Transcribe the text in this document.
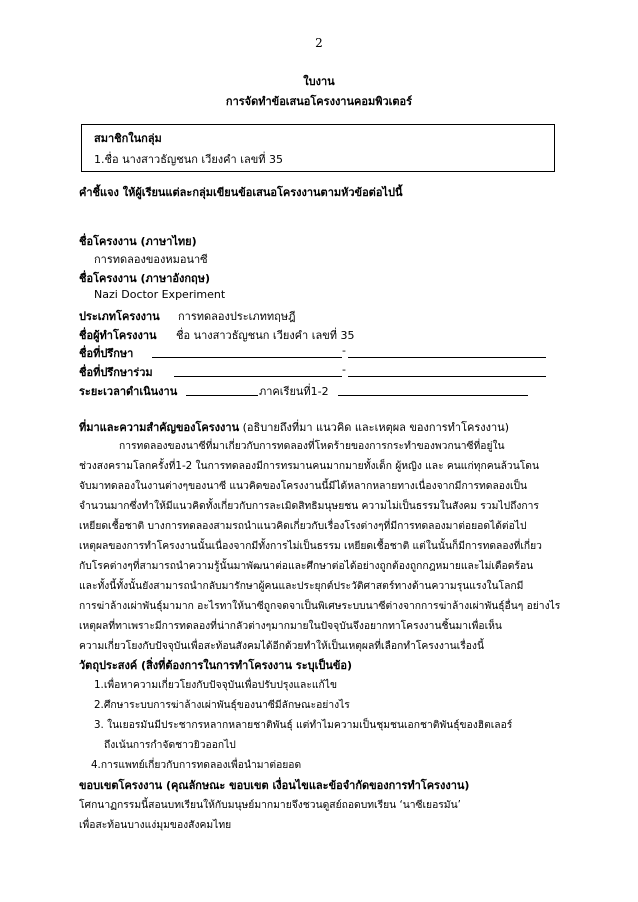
2
ใบงาน
การจัดทำข้อเสนอโครงงานคอมพิวเตอร์
สมาชิกในกลุ่ม
1.ชื่อ นางสาวธัญชนก เวียงคำ เลขที่ 35
คำชี้แจง ให้ผู้เรียนแต่ละกลุ่มเขียนข้อเสนอโครงงานตามหัวข้อต่อไปนี้
ชื่อโครงงาน (ภาษาไทย)
การทดลองของหมอนาซี
ชื่อโครงงาน (ภาษาอังกฤษ)
Nazi Doctor Experiment
ประเภทโครงงาน การทดลองประเภททฤษฎี
ชื่อผู้ทำโครงงาน ชื่อ นางสาวธัญชนก เวียงคำ เลขที่ 35
ชื่อที่ปรึกษา	-
ชื่อที่ปรึกษาร่วม	-
ระยะเวลาดำเนินงาน	ภาคเรียนที่1-2
ที่มาและความสำคัญของโครงงาน (อธิบายถึงที่มา แนวคิด และเหตุผล ของการทำโครงงาน)
การทดลองของนาซีที่มาเกี่ยวกับการทดลองที่โหดร้ายของการกระทำของพวกนาซีที่อยู่ใน
ช่วงสงครามโลกครั้งที่1-2 ในการทดลองมีการทรมานคนมากมายทั้งเด็ก ผู้หญิง และ คนแก่ทุกคนล้วนโดน
จับมาทดลองในงานต่างๆของนาซี แนวคิดของโครงงานนี้มีได้หลากหลายทางเนื่องจากมีการทดลองเป็น
จำนวนมากซึ่งทำให้มีแนวคิดทั้งเกี่ยวกับการละเมิดสิทธิมนุษยชน ความไม่เป็นธรรมในสังคม รวมไปถึงการ
เหยียดเชื้อชาติ บางการทดลองสามรถนำแนวคิดเกี่ยวกับเรื่องโรงต่างๆที่มีการทดลองมาต่อยอดได้ต่อไป
เหตุผลของการทำโครงงานนั้นเนื่องจากมีทั้งการไม่เป็นธรรม เหยียดเชื้อชาติ แต่ในนั้นก็มีการทดลองที่เกี่ยว
กับโรคต่างๆที่สามารถนำความรู้นั้นมาพัฒนาต่อและศึกษาต่อได้อย่างถูกต้องถูกกฎหมายและไม่เดือดร้อน
และทั้งนี้ทั้งนั้นยังสามารถนำกลับมารักษาผู้คนและประยุกต์ประวัติศาสตร์ทางด้านความรุนแรงในโลกมี
การฆ่าล้างเผ่าพันธุ์มามาก อะไรทาให้นาซีถูกจดจาเป็นพิเศษระบบนาซีต่างจากการฆ่าล้างเผ่าพันธุ์อื่นๆ อย่างไร
เหตุผลที่ทาเพราะมีการทดลองที่น่ากลัวต่างๆมากมายในปัจจุบันจึงอยากทาโครงงานชิ้นมาเพื่อเห็น
ความเกี่ยวโยงกับปัจจุบันเพื่อสะท้อนสังคมได้อีกด้วยทำให้เป็นเหตุผลที่เลือกทำโครงงานเรื่องนี้
วัตถุประสงค์ (สิ่งที่ต้องการในการทำโครงงาน ระบุเป็นข้อ)
1.เพื่อหาความเกี่ยวโยงกับปัจจุบันเพื่อปรับปรุงและแก้ไข
2.ศึกษาระบบการฆ่าล้างเผ่าพันธุ์ของนาซีมีลักษณะอย่างไร
3. ในเยอรมันมีประชากรหลากหลายชาติพันธุ์ แต่ทำไมความเป็นชุมชนเอกชาติพันธุ์ของฮิตเลอร์
ถึงเน้นการกำจัดชาวยิวออกไป
4.การแพทย์เกี่ยวกับการทดลองเพื่อนำมาต่อยอด
ขอบเขตโครงงาน (คุณลักษณะ ขอบเขต เงื่อนไขและข้อจำกัดของการทำโครงงาน)
โศกนาฏกรรมนี้สอนบทเรียนให้กับมนุษย์มากมายจึงชวนดูสย์ถอดบทเรียน ‘นาซีเยอรมัน’
เพื่อสะท้อนบางแง่มุมของสังคมไทย
